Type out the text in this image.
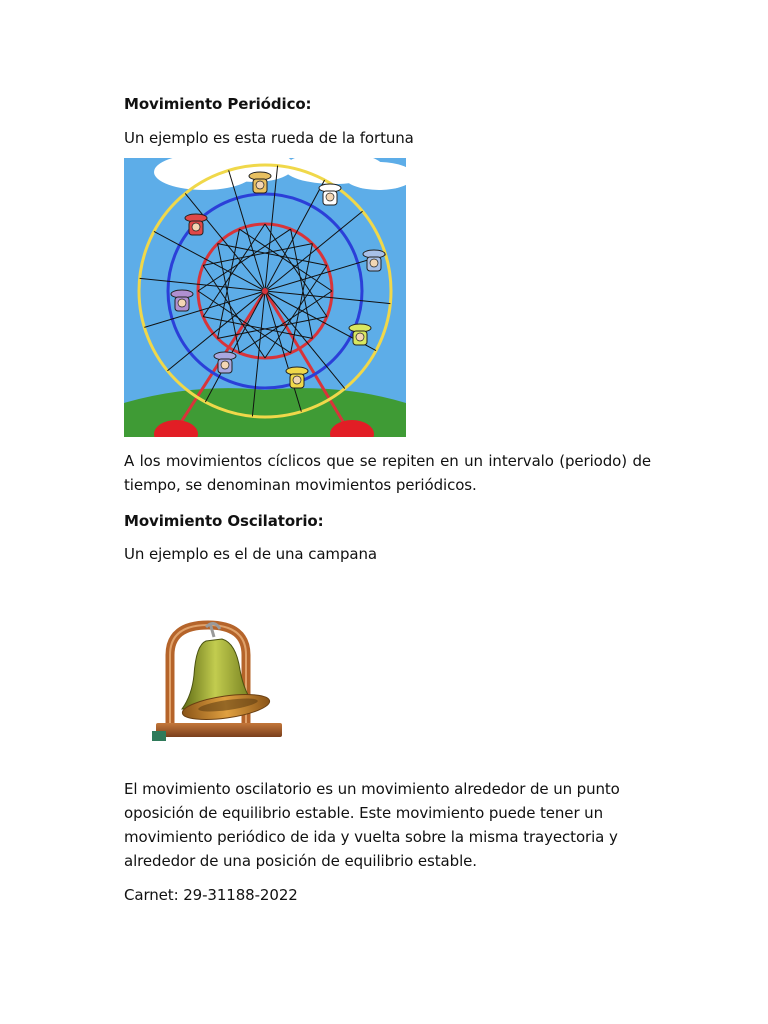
Movimiento Periódico:
Un ejemplo es esta rueda de la fortuna
A los movimientos cíclicos que se repiten en un intervalo (periodo) de tiempo, se denominan movimientos periódicos.
Movimiento Oscilatorio:
Un ejemplo es el de una campana
El movimiento oscilatorio es un movimiento alrededor de un punto
oposición de equilibrio estable. Este movimiento puede tener un
movimiento periódico de ida y vuelta sobre la misma trayectoria y
alrededor de una posición de equilibrio estable.
Carnet: 29-31188-2022
